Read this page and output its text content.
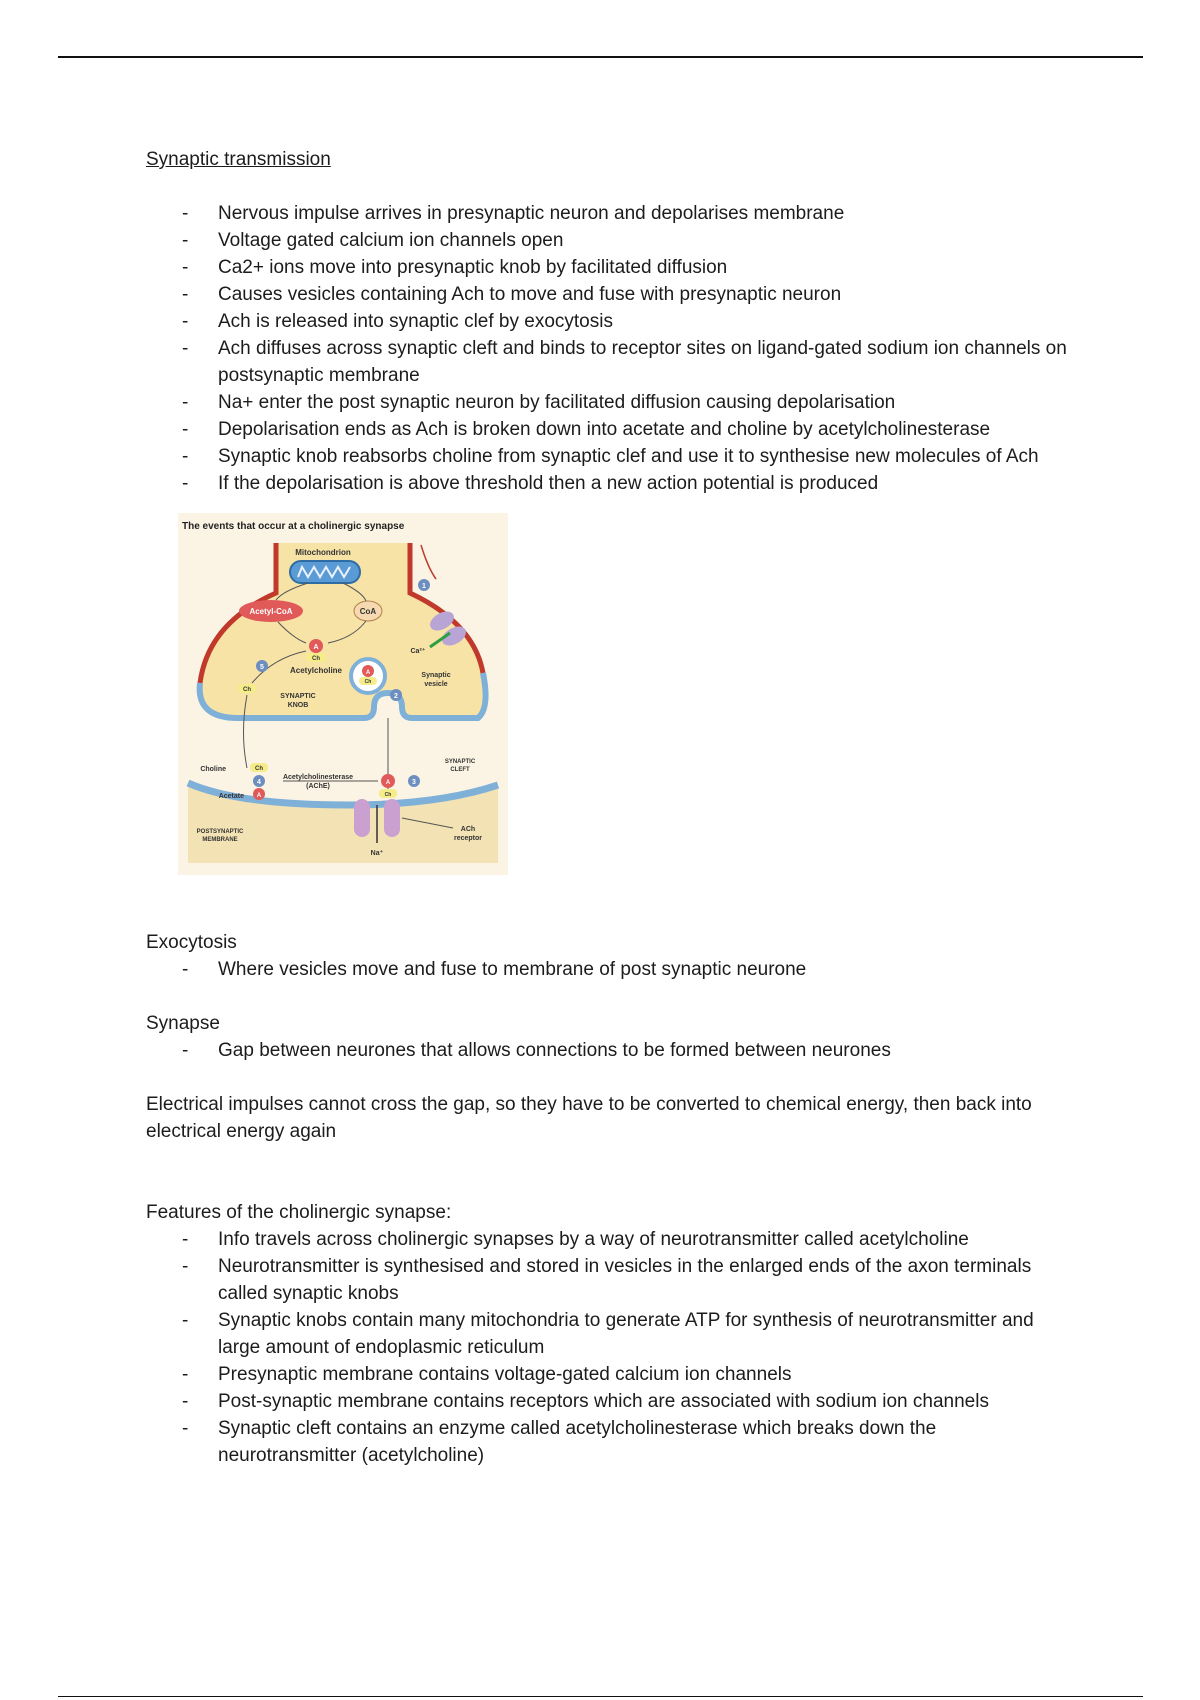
Synaptic transmission
- Nervous impulse arrives in presynaptic neuron and depolarises membrane
- Voltage gated calcium ion channels open
- Ca2+ ions move into presynaptic knob by facilitated diffusion
- Causes vesicles containing Ach to move and fuse with presynaptic neuron
- Ach is released into synaptic clef by exocytosis
- Ach diffuses across synaptic cleft and binds to receptor sites on ligand-gated sodium ion channels on postsynaptic membrane
- Na+ enter the post synaptic neuron by facilitated diffusion causing depolarisation
- Depolarisation ends as Ach is broken down into acetate and choline by acetylcholinesterase
- Synaptic knob reabsorbs choline from synaptic clef and use it to synthesise new molecules of Ach
- If the depolarisation is above threshold then a new action potential is produced
The events that occur at a cholinergic synapse
Mitochondrion
Acetyl-CoA	CoA
A
Ch
Acetylcholine	A
Ch
Synaptic
vesicle
Ca²⁺
SYNAPTIC
KNOB
Ch
SYNAPTIC
CLEFT
Choline	Ch
Acetate A
Acetylcholinesterase
(AChE)	A
Ch
Na⁺
ACh
receptor
POSTSYNAPTIC
MEMBRANE
1
2
3
4
5

Exocytosis

- Where vesicles move and fuse to membrane of post synaptic neurone

Synapse

- Gap between neurones that allows connections to be formed between neurones

Electrical impulses cannot cross the gap, so they have to be converted to chemical energy, then back into electrical energy again

Features of the cholinergic synapse:

- Info travels across cholinergic synapses by a way of neurotransmitter called acetylcholine
- Neurotransmitter is synthesised and stored in vesicles in the enlarged ends of the axon terminals called synaptic knobs
- Synaptic knobs contain many mitochondria to generate ATP for synthesis of neurotransmitter and large amount of endoplasmic reticulum
- Presynaptic membrane contains voltage-gated calcium ion channels
- Post-synaptic membrane contains receptors which are associated with sodium ion channels
- Synaptic cleft contains an enzyme called acetylcholinesterase which breaks down the neurotransmitter (acetylcholine)
